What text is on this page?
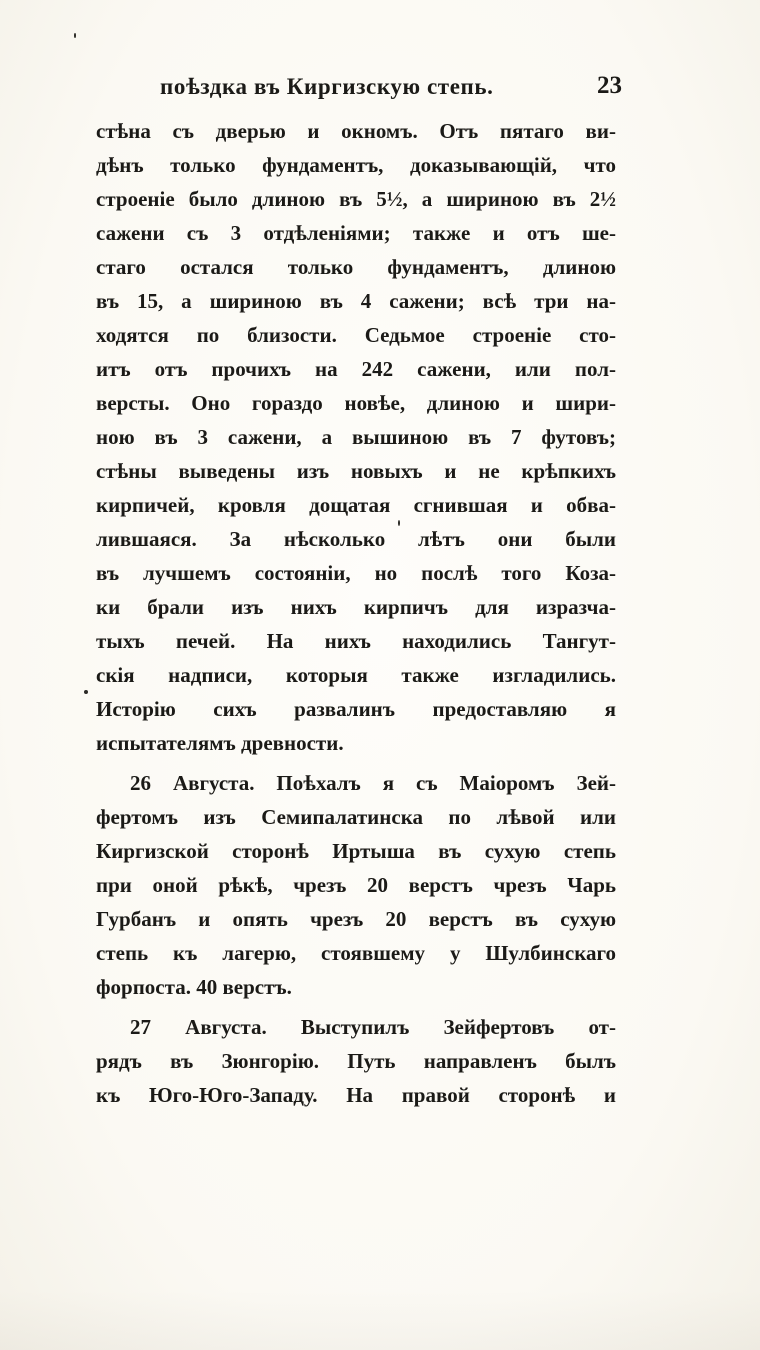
поѣздка въ Киргизскую степь.	23
стѣна съ дверью и окномъ. Отъ пятаго ви-
дѣнъ только фундаментъ, доказывающій, что
строеніе было длиною въ 5½, а шириною въ 2½
сажени съ 3 отдѣленіями; также и отъ ше-
стаго остался только фундаментъ, длиною
въ 15, а шириною въ 4 сажени; всѣ три на-
ходятся по близости. Седьмое строеніе сто-
итъ отъ прочихъ на 242 сажени, или пол-
версты. Оно гораздо новѣе, длиною и шири-
ною въ 3 сажени, а вышиною въ 7 футовъ;
стѣны выведены изъ новыхъ и не крѣпкихъ
кирпичей, кровля дощатая сгнившая и обва-
лившаяся. За нѣсколько лѣтъ они были
въ лучшемъ состояніи, но послѣ того Коза-
ки брали изъ нихъ кирпичъ для изразча-
тыхъ печей. На нихъ находились Тангут-
скія надписи, которыя также изгладились.
Исторію сихъ развалинъ предоставляю я
испытателямъ древности.
26 Августа. Поѣхалъ я съ Маіоромъ Зей-
фертомъ изъ Семипалатинска по лѣвой или
Киргизской сторонѣ Иртыша въ сухую степь
при оной рѣкѣ, чрезъ 20 верстъ чрезъ Чарь
Гурбанъ и опять чрезъ 20 верстъ въ сухую
степь къ лагерю, стоявшему у Шулбинскаго
форпоста. 40 верстъ.
27 Августа. Выступилъ Зейфертовъ от-
рядъ въ Зюнгорію. Путь направленъ былъ
къ Юго-Юго-Западу. На правой сторонѣ и
